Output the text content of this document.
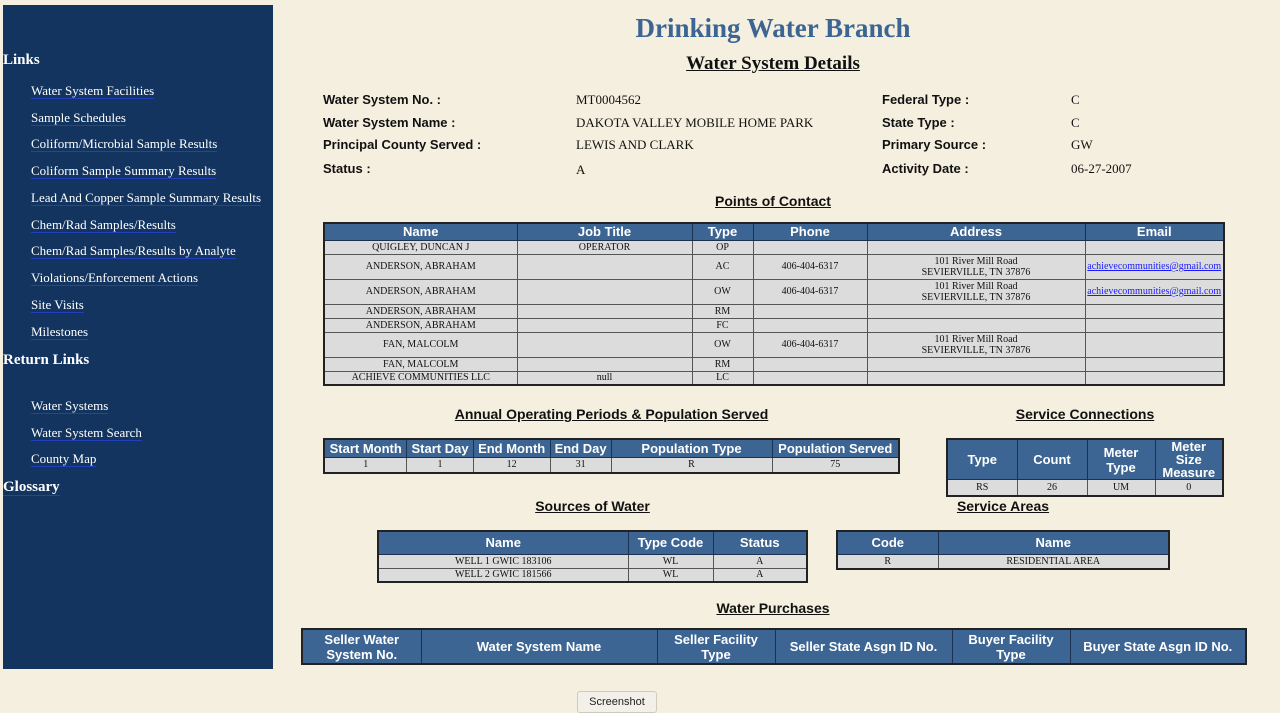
Links
Water System Facilities
Sample Schedules
Coliform/Microbial Sample Results
Coliform Sample Summary Results
Lead And Copper Sample Summary Results
Chem/Rad Samples/Results
Chem/Rad Samples/Results by Analyte
Violations/Enforcement Actions
Site Visits
Milestones
Return Links
Water Systems
Water System Search
County Map
Glossary
Drinking Water Branch
Water System Details
Water System No. :	MT0004562
Water System Name :	DAKOTA VALLEY MOBILE HOME PARK
Principal County Served :	LEWIS AND CLARK
Status :	A
Federal Type :	C
State Type :	C
Primary Source :	GW
Activity Date :	06-27-2007
Points of Contact
Name	Job Title	Type	Phone	Address	Email
QUIGLEY, DUNCAN J	OPERATOR	OP			
ANDERSON, ABRAHAM		AC	406-404-6317	101 River Mill Road
SEVIERVILLE, TN 37876	achievecommunities@gmail.com
ANDERSON, ABRAHAM		OW	406-404-6317	101 River Mill Road
SEVIERVILLE, TN 37876	achievecommunities@gmail.com
ANDERSON, ABRAHAM		RM			
ANDERSON, ABRAHAM		FC			
FAN, MALCOLM		OW	406-404-6317	101 River Mill Road
SEVIERVILLE, TN 37876	
FAN, MALCOLM		RM			
ACHIEVE COMMUNITIES LLC	null	LC			
Annual Operating Periods & Population Served
Start Month	Start Day	End Month	End Day	Population Type	Population Served
1	1	12	31	R	75
Service Connections
Type	Count	Meter Type	Meter Size Measure
RS	26	UM	0
Sources of Water
Name	Type Code	Status
WELL 1 GWIC 183106	WL	A
WELL 2 GWIC 181566	WL	A
Service Areas
Code	Name
R	RESIDENTIAL AREA
Water Purchases
Seller Water System No.	Water System Name	Seller Facility Type	Seller State Asgn ID No.	Buyer Facility Type	Buyer State Asgn ID No.
Screenshot
